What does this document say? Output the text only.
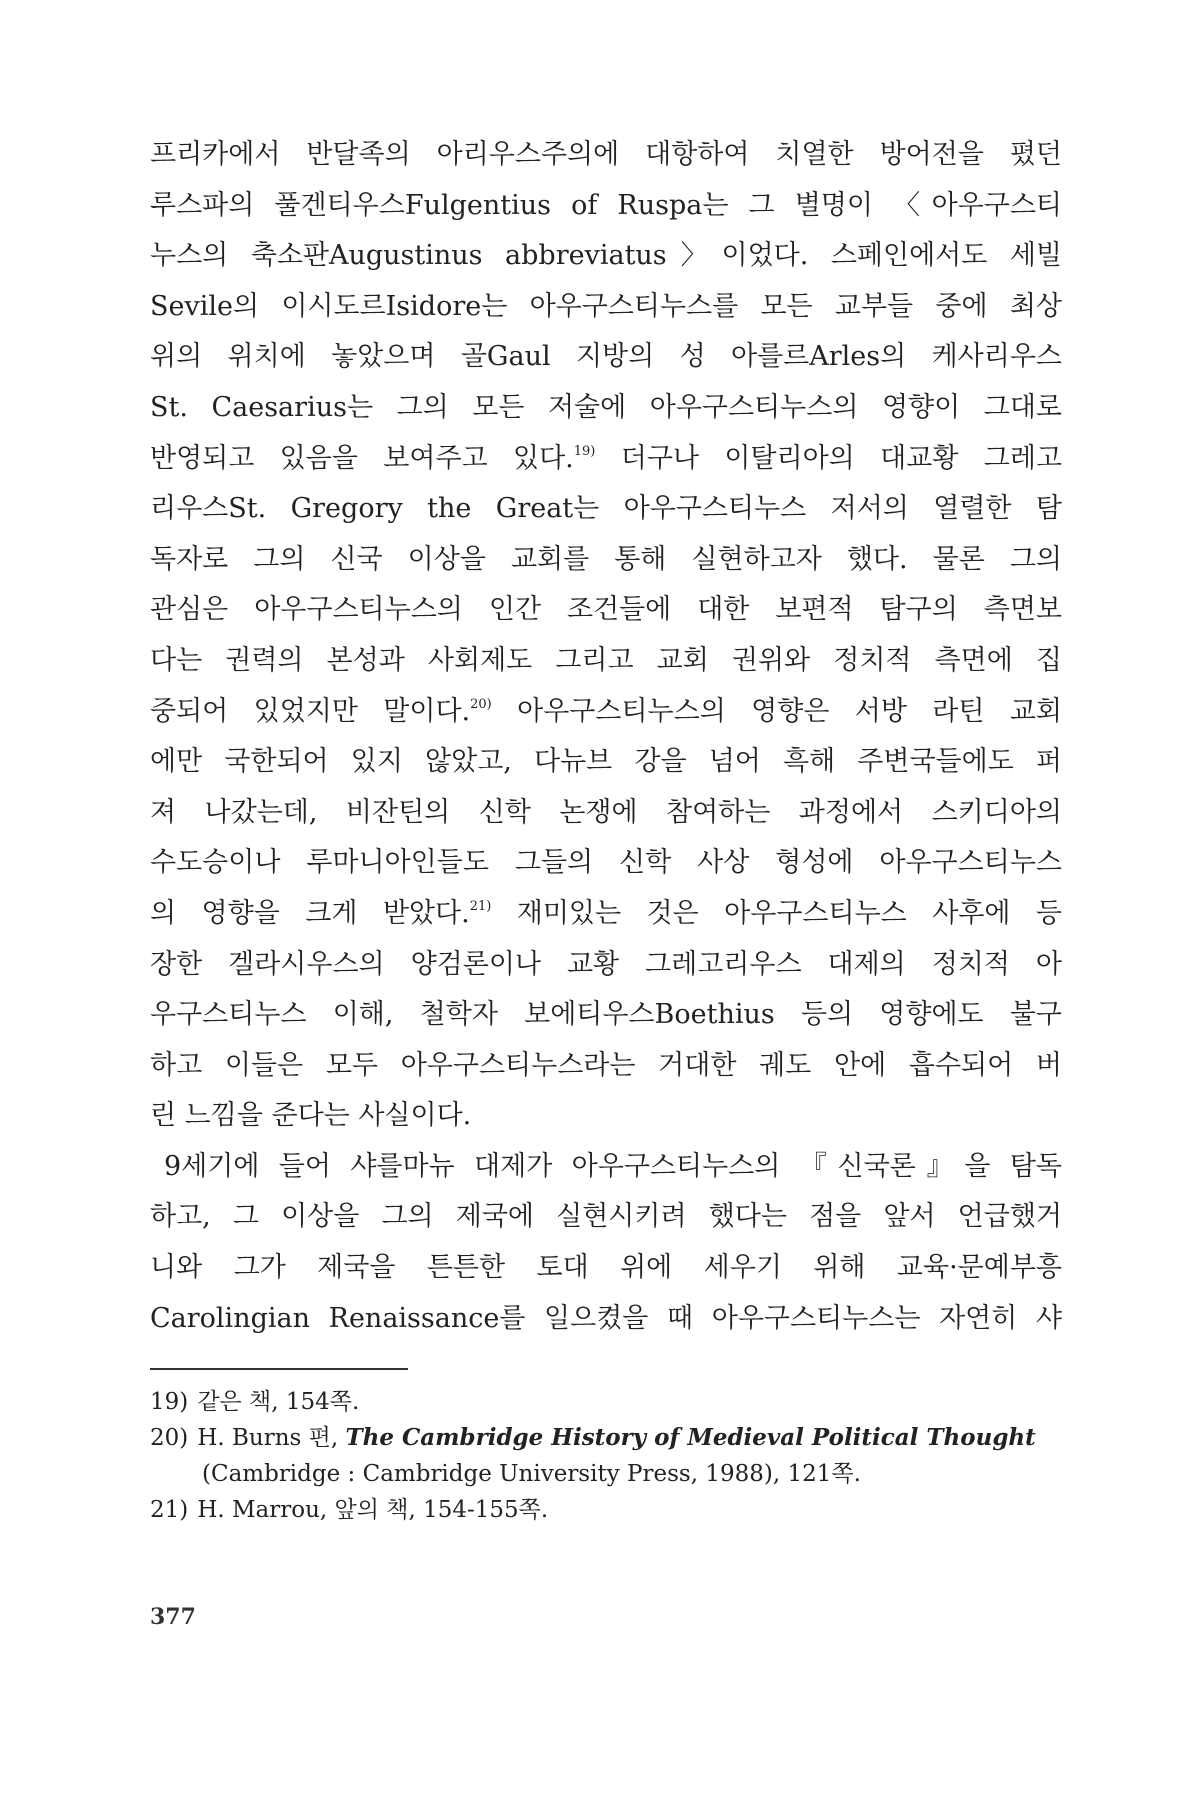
프리카에서 반달족의 아리우스주의에 대항하여 치열한 방어전을 폈던
루스파의 풀겐티우스Fulgentius of Ruspa는 그 별명이 〈아우구스티
누스의 축소판Augustinus abbreviatus〉이었다. 스페인에서도 세빌
Sevile의 이시도르Isidore는 아우구스티누스를 모든 교부들 중에 최상
위의 위치에 놓았으며 골Gaul 지방의 성 아를르Arles의 케사리우스
St. Caesarius는 그의 모든 저술에 아우구스티누스의 영향이 그대로
반영되고 있음을 보여주고 있다.$^{19)}$ 더구나 이탈리아의 대교황 그레고
리우스St. Gregory the Great는 아우구스티누스 저서의 열렬한 탐
독자로 그의 신국 이상을 교회를 통해 실현하고자 했다. 물론 그의
관심은 아우구스티누스의 인간 조건들에 대한 보편적 탐구의 측면보
다는 권력의 본성과 사회제도 그리고 교회 권위와 정치적 측면에 집
중되어 있었지만 말이다.$^{20)}$ 아우구스티누스의 영향은 서방 라틴 교회
에만 국한되어 있지 않았고, 다뉴브 강을 넘어 흑해 주변국들에도 퍼
져 나갔는데, 비잔틴의 신학 논쟁에 참여하는 과정에서 스키디아의
수도승이나 루마니아인들도 그들의 신학 사상 형성에 아우구스티누스
의 영향을 크게 받았다.$^{21)}$ 재미있는 것은 아우구스티누스 사후에 등
장한 겔라시우스의 양검론이나 교황 그레고리우스 대제의 정치적 아
우구스티누스 이해, 철학자 보에티우스Boethius 등의 영향에도 불구
하고 이들은 모두 아우구스티누스라는 거대한 궤도 안에 흡수되어 버
린 느낌을 준다는 사실이다.
9세기에 들어 샤를마뉴 대제가 아우구스티누스의 『신국론』을 탐독
하고, 그 이상을 그의 제국에 실현시키려 했다는 점을 앞서 언급했거
니와 그가 제국을 튼튼한 토대 위에 세우기 위해 교육·문예부흥
Carolingian Renaissance를 일으켰을 때 아우구스티누스는 자연히 샤
19) 같은 책, 154쪽.
20) H. Burns 편, The Cambridge History of Medieval Political Thought
(Cambridge : Cambridge University Press, 1988), 121쪽.
21) H. Marrou, 앞의 책, 154-155쪽.
377
